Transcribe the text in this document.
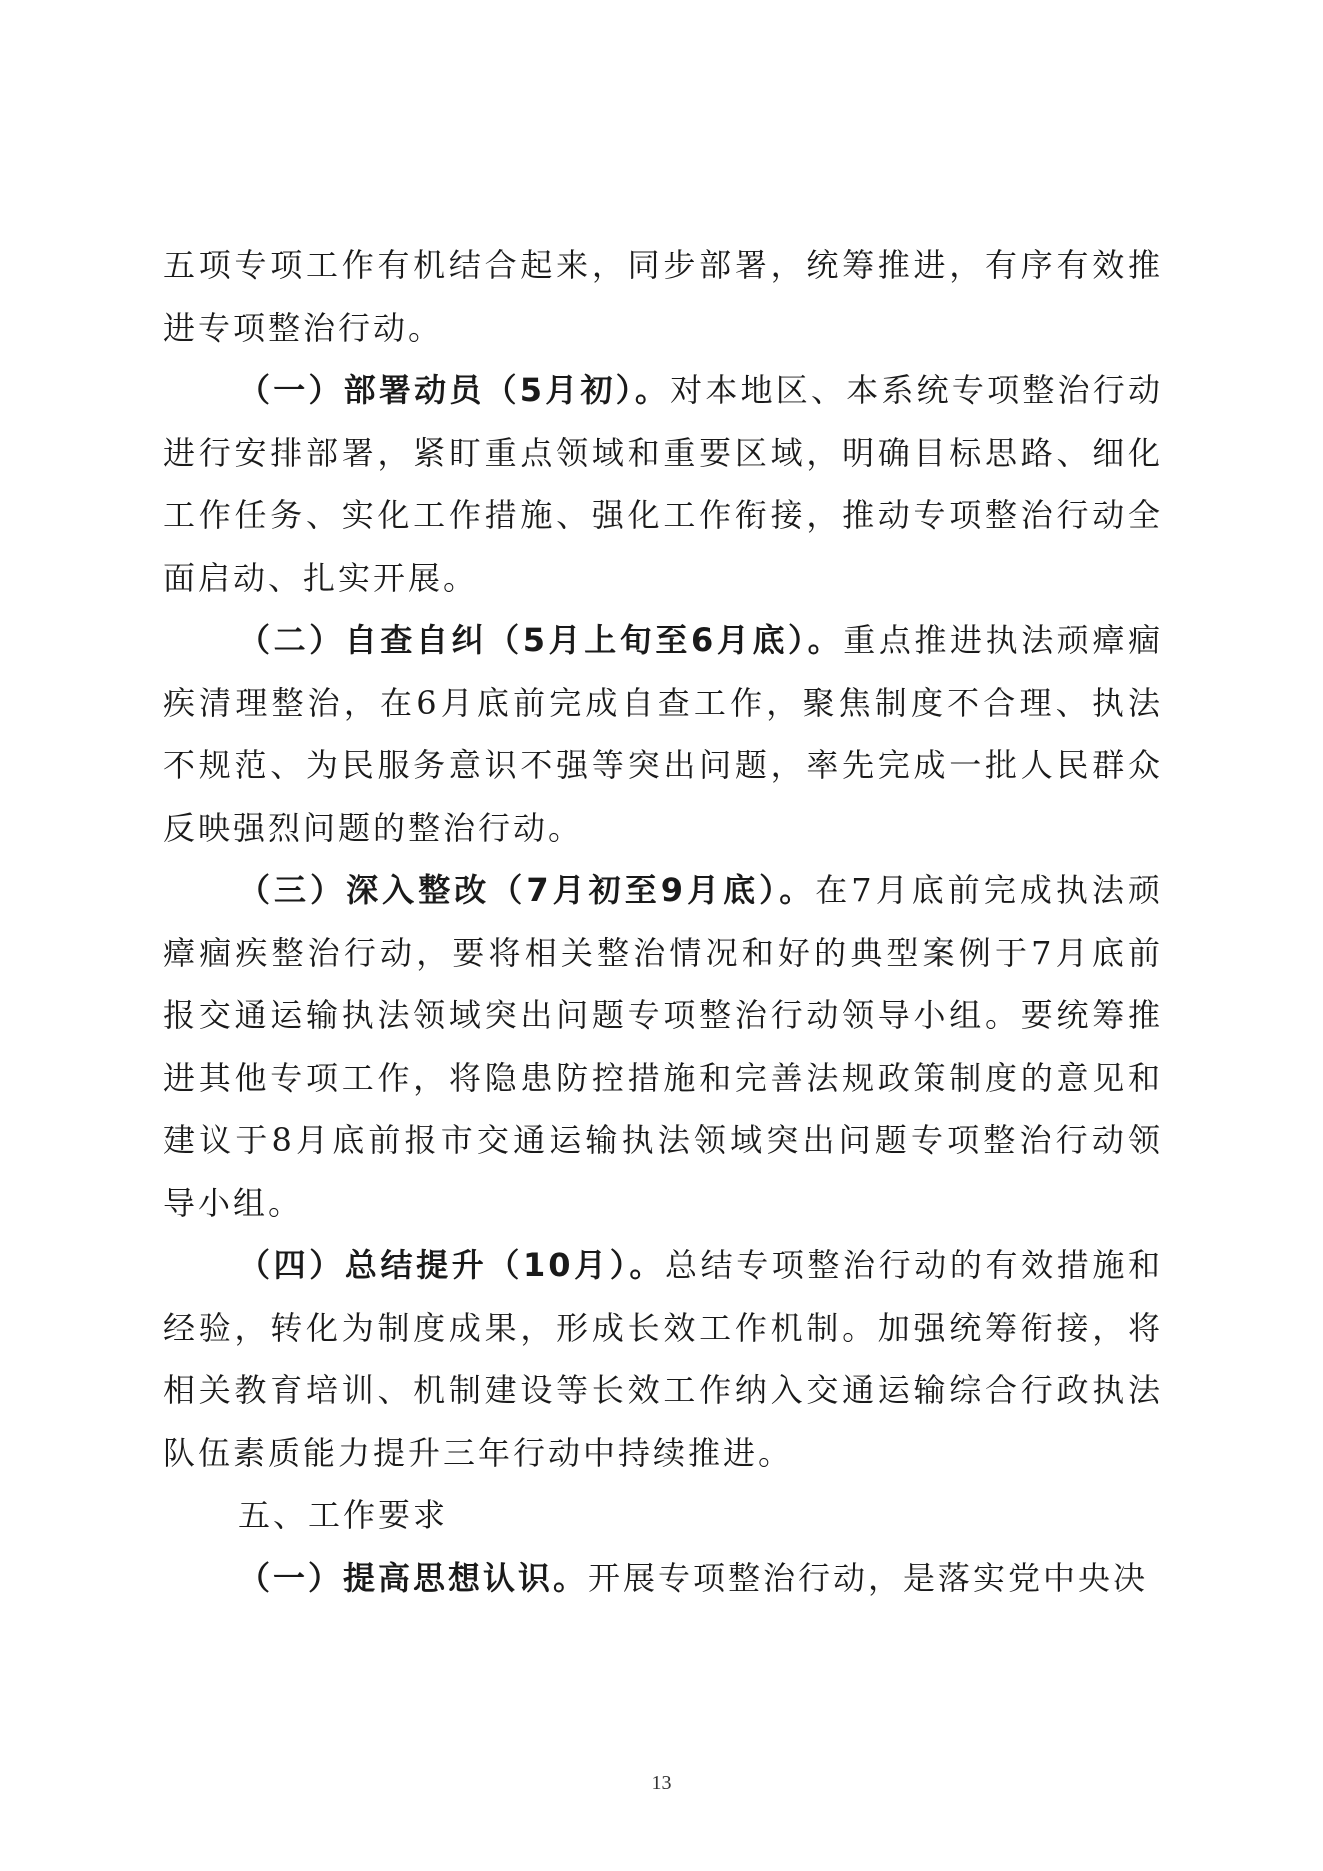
五项专项工作有机结合起来，同步部署，统筹推进，有序有效推进专项整治行动。

（一）部署动员（5月初）。对本地区、本系统专项整治行动进行安排部署，紧盯重点领域和重要区域，明确目标思路、细化工作任务、实化工作措施、强化工作衔接，推动专项整治行动全面启动、扎实开展。

（二）自查自纠（5月上旬至6月底）。重点推进执法顽瘴痼疾清理整治，在6月底前完成自查工作，聚焦制度不合理、执法不规范、为民服务意识不强等突出问题，率先完成一批人民群众反映强烈问题的整治行动。

（三）深入整改（7月初至9月底）。在7月底前完成执法顽瘴痼疾整治行动，要将相关整治情况和好的典型案例于7月底前报交通运输执法领域突出问题专项整治行动领导小组。要统筹推进其他专项工作，将隐患防控措施和完善法规政策制度的意见和建议于8月底前报市交通运输执法领域突出问题专项整治行动领导小组。

（四）总结提升（10月）。总结专项整治行动的有效措施和经验，转化为制度成果，形成长效工作机制。加强统筹衔接，将相关教育培训、机制建设等长效工作纳入交通运输综合行政执法队伍素质能力提升三年行动中持续推进。

五、工作要求

（一）提高思想认识。开展专项整治行动，是落实党中央决

13
